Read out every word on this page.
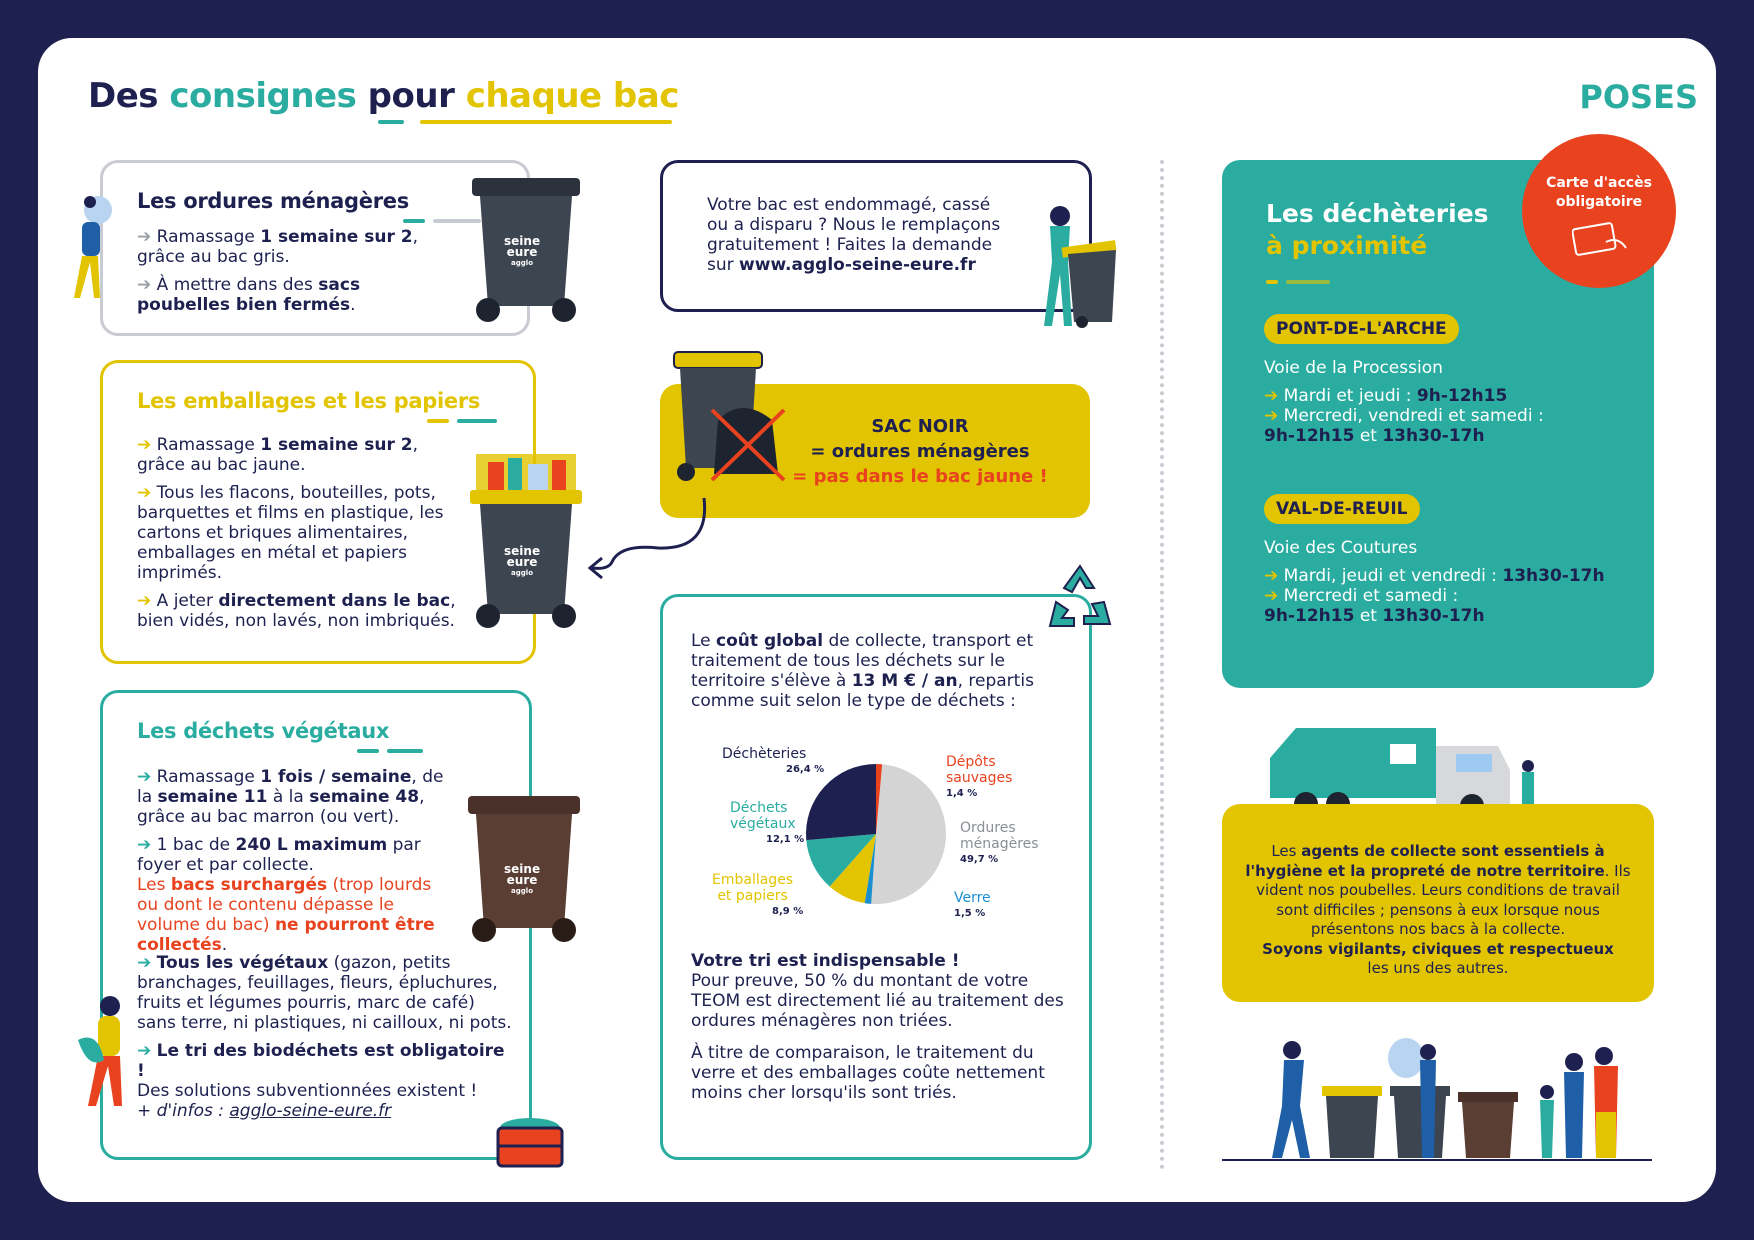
Des consignes pour chaque bac	POSES
Les ordures ménagères

➔ Ramassage 1 semaine sur 2, grâce au bac gris.

➔ À mettre dans des sacs poubelles bien fermés.

seine
eure
agglo
Les emballages et les papiers

➔ Ramassage 1 semaine sur 2, grâce au bac jaune.

➔ Tous les flacons, bouteilles, pots, barquettes et films en plastique, les cartons et briques alimentaires, emballages en métal et papiers imprimés.

➔ A jeter directement dans le bac, bien vidés, non lavés, non imbriqués.

seine
eure
agglo
Les déchets végétaux

➔ Ramassage 1 fois / semaine, de la semaine 11 à la semaine 48, grâce au bac marron (ou vert).

➔ 1 bac de 240 L maximum par foyer et par collecte.
Les bacs surchargés (trop lourds ou dont le contenu dépasse le volume du bac) ne pourront être collectés.

➔ Tous les végétaux (gazon, petits branchages, feuillages, fleurs, épluchures, fruits et légumes pourris, marc de café) sans terre, ni plastiques, ni cailloux, ni pots.

➔ Le tri des biodéchets est obligatoire !
Des solutions subventionnées existent !
+ d'infos : agglo-seine-eure.fr

seine
eure
agglo
Votre bac est endommagé, cassé ou a disparu ? Nous le remplaçons gratuitement ! Faites la demande sur www.agglo-seine-eure.fr
SAC NOIR
= ordures ménagères
= pas dans le bac jaune !
Le coût global de collecte, transport et traitement de tous les déchets sur le territoire s'élève à 13 M € / an, repartis comme suit selon le type de déchets :

Votre tri est indispensable !
Pour preuve, 50 % du montant de votre TEOM est directement lié au traitement des ordures ménagères non triées.

À titre de comparaison, le traitement du verre et des emballages coûte nettement moins cher lorsqu'ils sont triés.

Déchèteries
26,4 %
Déchets
végétaux
12,1 %
Emballages
et papiers
8,9 %
Dépôts
sauvages
1,4 %
Ordures
ménagères
49,7 %
Verre
1,5 %
Les déchèteries
à proximité
PONT-DE-L'ARCHE

Voie de la Procession

➔ Mardi et jeudi : 9h-12h15
➔ Mercredi, vendredi et samedi :
9h-12h15 et 13h30-17h
VAL-DE-REUIL

Voie des Coutures

➔ Mardi, jeudi et vendredi : 13h30-17h
➔ Mercredi et samedi :
9h-12h15 et 13h30-17h
Carte d'accès
obligatoire
Les agents de collecte sont essentiels à l'hygiène et la propreté de notre territoire. Ils vident nos poubelles. Leurs conditions de travail sont difficiles ; pensons à eux lorsque nous présentons nos bacs à la collecte.
Soyons vigilants, civiques et respectueux
les uns des autres.
